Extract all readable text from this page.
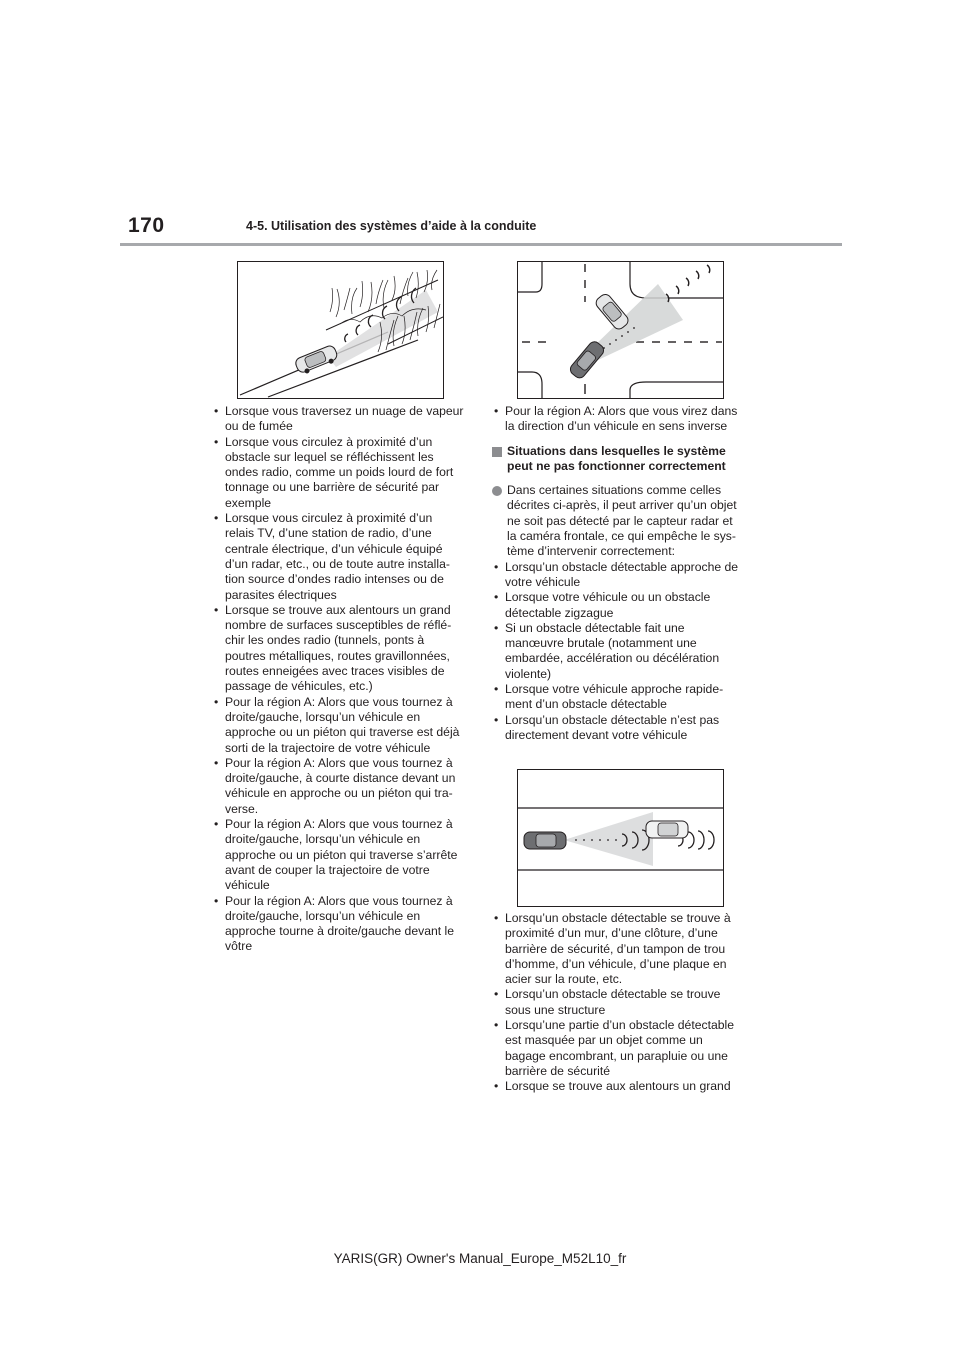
170	4-5. Utilisation des systèmes d’aide à la conduite
• Lorsque vous traversez un nuage de vapeur ou de fumée
• Lorsque vous circulez à proximité d’un obstacle sur lequel se réfléchissent les ondes radio, comme un poids lourd de fort tonnage ou une barrière de sécurité par exemple
• Lorsque vous circulez à proximité d’un relais TV, d’une station de radio, d’une centrale électrique, d’un véhicule équipé d’un radar, etc., ou de toute autre installa-tion source d’ondes radio intenses ou de parasites électriques
• Lorsque se trouve aux alentours un grand nombre de surfaces susceptibles de réflé-chir les ondes radio (tunnels, ponts à poutres métalliques, routes gravillonnées, routes enneigées avec traces visibles de passage de véhicules, etc.)
• Pour la région A: Alors que vous tournez à droite/gauche, lorsqu’un véhicule en approche ou un piéton qui traverse est déjà sorti de la trajectoire de votre véhicule
• Pour la région A: Alors que vous tournez à droite/gauche, à courte distance devant un véhicule en approche ou un piéton qui tra-verse.
• Pour la région A: Alors que vous tournez à droite/gauche, lorsqu’un véhicule en approche ou un piéton qui traverse s’arrête avant de couper la trajectoire de votre véhicule
• Pour la région A: Alors que vous tournez à droite/gauche, lorsqu’un véhicule en approche tourne à droite/gauche devant le vôtre
• Pour la région A: Alors que vous virez dans la direction d’un véhicule en sens inverse
Situations dans lesquelles le système peut ne pas fonctionner correctement
Dans certaines situations comme celles décrites ci-après, il peut arriver qu’un objet ne soit pas détecté par le capteur radar et la caméra frontale, ce qui empêche le sys-tème d’intervenir correctement:
• Lorsqu’un obstacle détectable approche de votre véhicule
• Lorsque votre véhicule ou un obstacle détectable zigzague
• Si un obstacle détectable fait une manœuvre brutale (notamment une embardée, accélération ou décélération violente)
• Lorsque votre véhicule approche rapide-ment d’un obstacle détectable
• Lorsqu’un obstacle détectable n’est pas directement devant votre véhicule
• Lorsqu’un obstacle détectable se trouve à proximité d’un mur, d’une clôture, d’une barrière de sécurité, d’un tampon de trou d’homme, d’un véhicule, d’une plaque en acier sur la route, etc.
• Lorsqu’un obstacle détectable se trouve sous une structure
• Lorsqu’une partie d’un obstacle détectable est masquée par un objet comme un bagage encombrant, un parapluie ou une barrière de sécurité
• Lorsque se trouve aux alentours un grand
YARIS(GR) Owner's Manual_Europe_M52L10_fr
